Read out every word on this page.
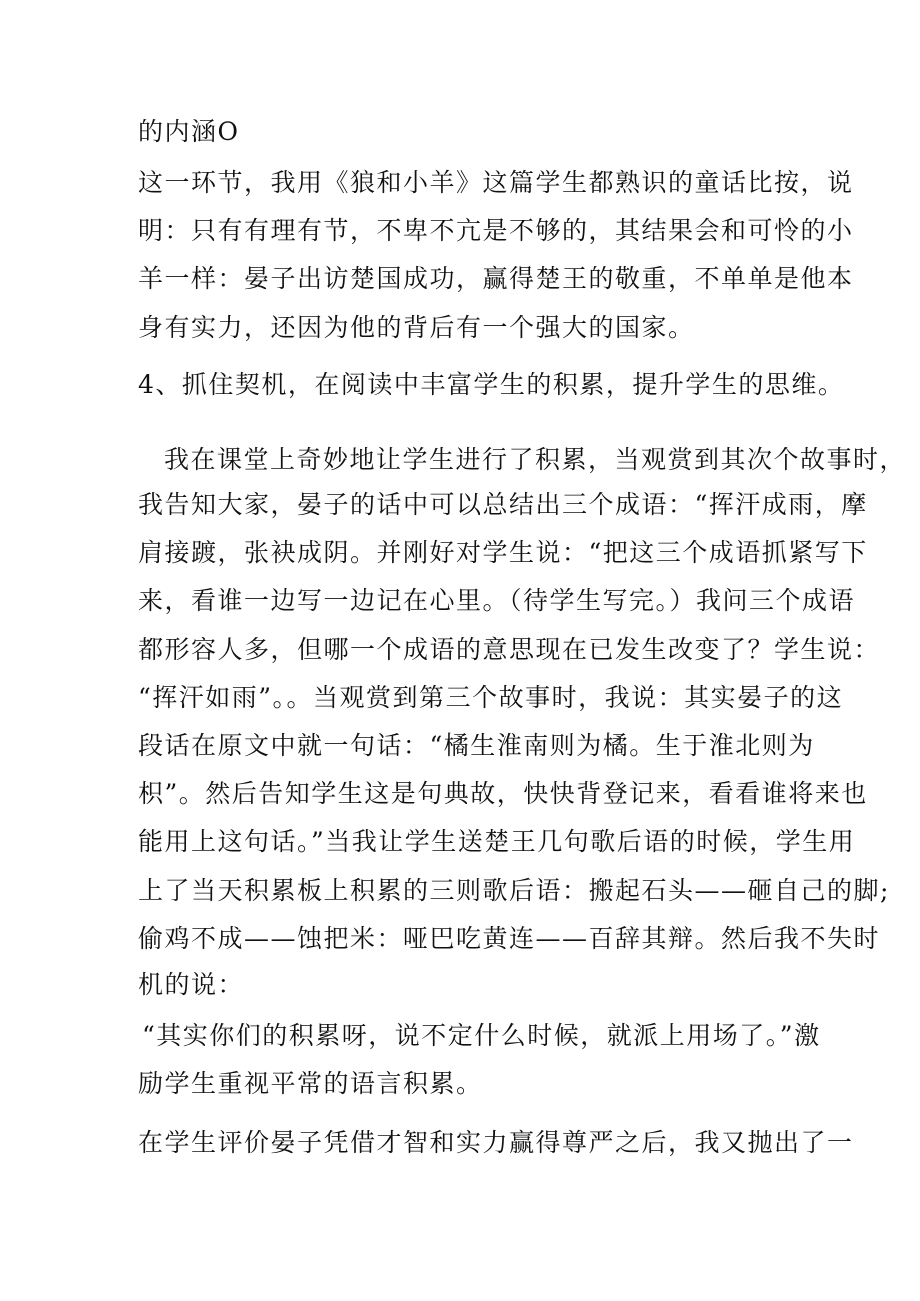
的内涵O
这一环节，我用《狼和小羊》这篇学生都熟识的童话比按，说
明：只有有理有节，不卑不亢是不够的，其结果会和可怜的小
羊一样：晏子出访楚国成功，赢得楚王的敬重，不单单是他本
身有实力，还因为他的背后有一个强大的国家。
4、抓住契机，在阅读中丰富学生的积累，提升学生的思维。
我在课堂上奇妙地让学生进行了积累，当观赏到其次个故事时，
我告知大家，晏子的话中可以总结出三个成语：“挥汗成雨，摩
肩接踱，张袂成阴。并刚好对学生说：“把这三个成语抓紧写下
来，看谁一边写一边记在心里。（待学生写完。）我问三个成语
都形容人多，但哪一个成语的意思现在已发生改变了？学生说：
“挥汗如雨”。。当观赏到第三个故事时，我说：其实晏子的这
段话在原文中就一句话：“橘生淮南则为橘。生于淮北则为
枳”。然后告知学生这是句典故，快快背登记来，看看谁将来也
能用上这句话。”当我让学生送楚王几句歌后语的时候，学生用
上了当天积累板上积累的三则歌后语：搬起石头——砸自己的脚;
偷鸡不成——蚀把米：哑巴吃黄连——百辞其辩。然后我不失时
机的说：
“其实你们的积累呀，说不定什么时候，就派上用场了。”激
励学生重视平常的语言积累。
在学生评价晏子凭借才智和实力赢得尊严之后，我又抛出了一
